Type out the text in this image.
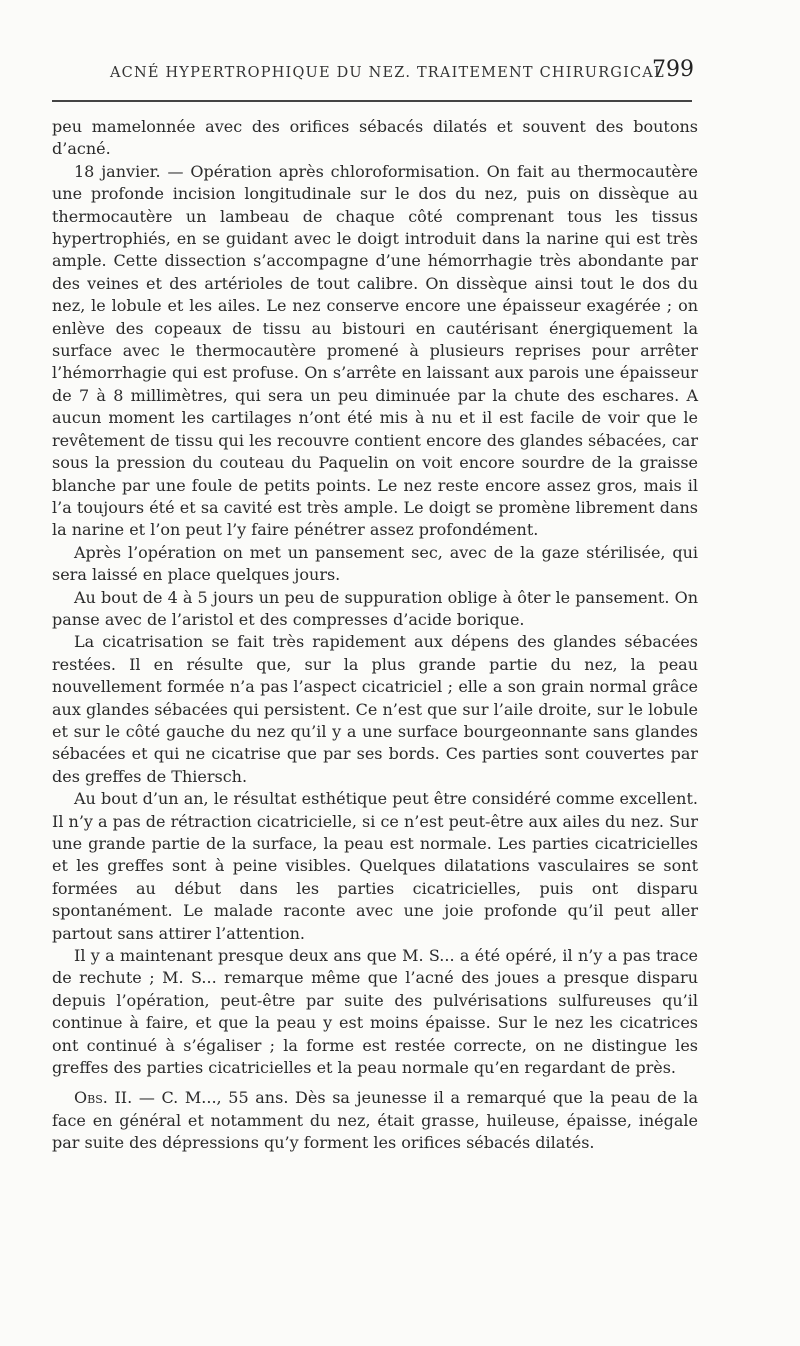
ACNÉ HYPERTROPHIQUE DU NEZ. TRAITEMENT CHIRURGICAL
799

peu mamelonnée avec des orifices sébacés dilatés et souvent des boutons d’acné.

18 janvier. — Opération après chloroformisation. On fait au thermocautère une profonde incision longitudinale sur le dos du nez, puis on dissèque au thermocautère un lambeau de chaque côté comprenant tous les tissus hypertrophiés, en se guidant avec le doigt introduit dans la narine qui est très ample. Cette dissection s’accompagne d’une hémorrhagie très abondante par des veines et des artérioles de tout calibre. On dissèque ainsi tout le dos du nez, le lobule et les ailes. Le nez conserve encore une épaisseur exagérée ; on enlève des copeaux de tissu au bistouri en cautérisant énergiquement la surface avec le thermocautère promené à plusieurs reprises pour arrêter l’hémorrhagie qui est profuse. On s’arrête en laissant aux parois une épaisseur de 7 à 8 millimètres, qui sera un peu diminuée par la chute des eschares. A aucun moment les cartilages n’ont été mis à nu et il est facile de voir que le revêtement de tissu qui les recouvre contient encore des glandes sébacées, car sous la pression du couteau du Paquelin on voit encore sourdre de la graisse blanche par une foule de petits points. Le nez reste encore assez gros, mais il l’a toujours été et sa cavité est très ample. Le doigt se promène librement dans la narine et l’on peut l’y faire pénétrer assez profondément.

Après l’opération on met un pansement sec, avec de la gaze stérilisée, qui sera laissé en place quelques jours.

Au bout de 4 à 5 jours un peu de suppuration oblige à ôter le pansement. On panse avec de l’aristol et des compresses d’acide borique.

La cicatrisation se fait très rapidement aux dépens des glandes sébacées restées. Il en résulte que, sur la plus grande partie du nez, la peau nouvellement formée n’a pas l’aspect cicatriciel ; elle a son grain normal grâce aux glandes sébacées qui persistent. Ce n’est que sur l’aile droite, sur le lobule et sur le côté gauche du nez qu’il y a une surface bourgeonnante sans glandes sébacées et qui ne cicatrise que par ses bords. Ces parties sont couvertes par des greffes de Thiersch.

Au bout d’un an, le résultat esthétique peut être considéré comme excellent. Il n’y a pas de rétraction cicatricielle, si ce n’est peut-être aux ailes du nez. Sur une grande partie de la surface, la peau est normale. Les parties cicatricielles et les greffes sont à peine visibles. Quelques dilatations vasculaires se sont formées au début dans les parties cicatricielles, puis ont disparu spontanément. Le malade raconte avec une joie profonde qu’il peut aller partout sans attirer l’attention.

Il y a maintenant presque deux ans que M. S... a été opéré, il n’y a pas trace de rechute ; M. S... remarque même que l’acné des joues a presque disparu depuis l’opération, peut-être par suite des pulvérisations sulfureuses qu’il continue à faire, et que la peau y est moins épaisse. Sur le nez les cicatrices ont continué à s’égaliser ; la forme est restée correcte, on ne distingue les greffes des parties cicatricielles et la peau normale qu’en regardant de près.

Obs. II. — C. M..., 55 ans. Dès sa jeunesse il a remarqué que la peau de la face en général et notamment du nez, était grasse, huileuse, épaisse, inégale par suite des dépressions qu’y forment les orifices sébacés dilatés.
